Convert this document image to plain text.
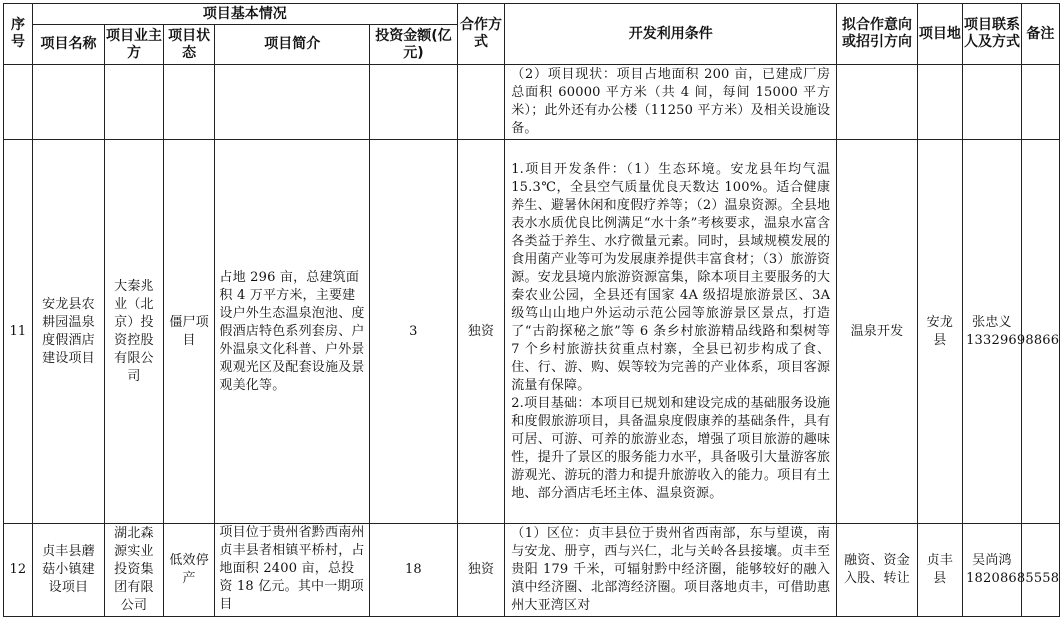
序号	项目基本情况					合作方式	开发利用条件	拟合作意向或招引方向	项目地	项目联系人及方式	备注
	项目名称	项目业主方	项目状态	项目简介	投资金额(亿元)						

							（2）项目现状：项目占地面积 200 亩，已建成厂房总面积 60000 平方米（共 4 间，每间 15000 平方米）；此外还有办公楼（11250 平方米）及相关设施设备。				

11	安龙县农耕园温泉度假酒店建设项目	大秦兆业（北京）投资控股有限公司	僵尸项目	占地 296 亩，总建筑面积 4 万平方米，主要建设户外生态温泉泡池、度假酒店特色系列套房、户外温泉文化科普、户外景观观光区及配套设施及景观美化等。	3	独资	1.项目开发条件：（1）生态环境。安龙县年均气温 15.3℃，全县空气质量优良天数达 100%。适合健康养生、避暑休闲和度假疗养等；（2）温泉资源。全县地表水水质优良比例满足“水十条”考核要求，温泉水富含各类益于养生、水疗微量元素。同时，县域规模发展的食用菌产业等可为发展康养提供丰富食材；（3）旅游资源。安龙县境内旅游资源富集，除本项目主要服务的大秦农业公园，全县还有国家 4A 级招堤旅游景区、3A 级笃山山地户外运动示范公园等旅游景区景点，打造了“古韵探秘之旅”等 6 条乡村旅游精品线路和梨树等 7 个乡村旅游扶贫重点村寨，全县已初步构成了食、住、行、游、购、娱等较为完善的产业体系，项目客源流量有保障。
2.项目基础：本项目已规划和建设完成的基础服务设施和度假旅游项目，具备温泉度假康养的基础条件，具有可居、可游、可养的旅游业态，增强了项目旅游的趣味性，提升了景区的服务能力水平，具备吸引大量游客旅游观光、游玩的潜力和提升旅游收入的能力。项目有土地、部分酒店毛坯主体、温泉资源。	温泉开发	安龙县	张忠义 13329698866	
12	贞丰县蘑菇小镇建设项目	湖北森源实业投资集团有限公司	低效停产	项目位于贵州省黔西南州贞丰县者相镇平桥村，占地面积 2400 亩，总投资 18 亿元。其中一期项目	18	独资	（1）区位：贞丰县位于贵州省西南部，东与望谟，南与安龙、册亨，西与兴仁，北与关岭各县接壤。贞丰至贵阳 179 千米，可辐射黔中经济圈，能够较好的融入滇中经济圈、北部湾经济圈。项目落地贞丰，可借助惠州大亚湾区对	融资、资金入股、转让	贞丰县	吴尚鸿 18208685558	
